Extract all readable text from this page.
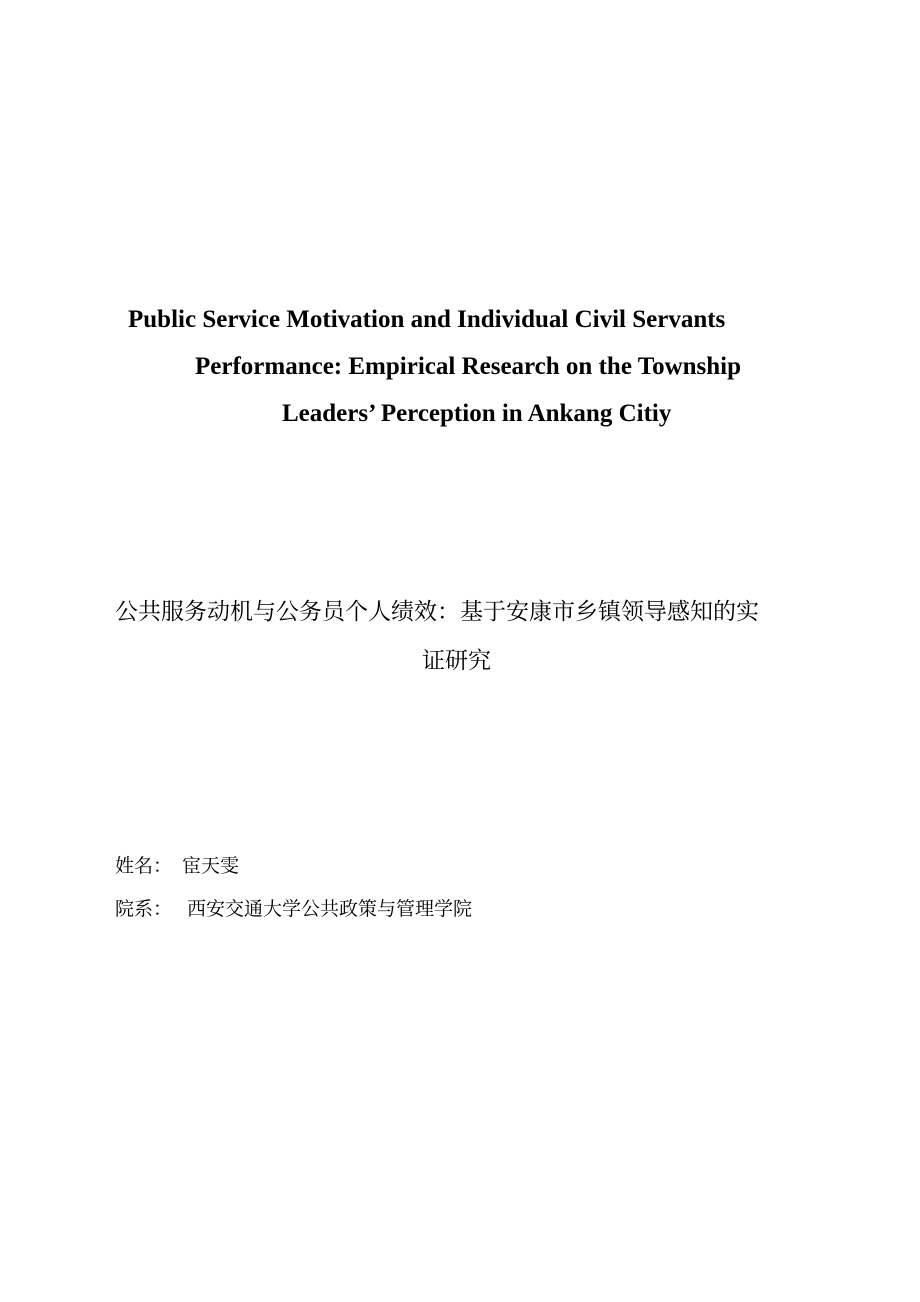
Public Service Motivation and Individual Civil Servants
Performance: Empirical Research on the Township
Leaders’ Perception in Ankang Citiy
公共服务动机与公务员个人绩效：基于安康市乡镇领导感知的实
证研究
姓名： 宦天雯
院系： 西安交通大学公共政策与管理学院
